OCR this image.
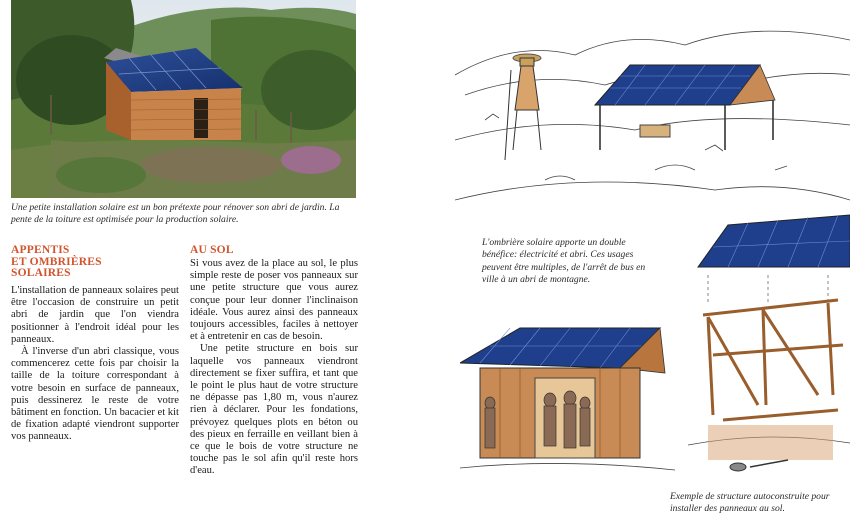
Une petite installation solaire est un bon prétexte pour rénover son abri de jardin. La pente de la toiture est optimisée pour la production solaire.
APPENTIS
ET OMBRIÈRES
SOLAIRES

L'installation de panneaux solaires peut être l'occasion de construire un petit abri de jardin que l'on viendra positionner à l'endroit idéal pour les panneaux.

À l'inverse d'un abri classique, vous commencerez cette fois par choisir la taille de la toiture correspondant à votre besoin en surface de panneaux, puis dessinerez le reste de votre bâtiment en fonction. Un bacacier et kit de fixation adapté viendront supporter vos panneaux.

AU SOL

Si vous avez de la place au sol, le plus simple reste de poser vos panneaux sur une petite structure que vous aurez conçue pour leur donner l'inclinaison idéale. Vous aurez ainsi des panneaux toujours accessibles, faciles à nettoyer et à entretenir en cas de besoin.

Une petite structure en bois sur laquelle vos panneaux viendront directement se fixer suffira, et tant que le point le plus haut de votre structure ne dépasse pas 1,80 m, vous n'aurez rien à déclarer. Pour les fondations, prévoyez quelques plots en béton ou des pieux en ferraille en veillant bien à ce que le bois de votre structure ne touche pas le sol afin qu'il reste hors d'eau.

L'ombrière solaire apporte un double bénéfice: électricité et abri. Ces usages peuvent être multiples, de l'arrêt de bus en ville à un abri de montagne.
Exemple de structure autoconstruite pour installer des panneaux au sol.
